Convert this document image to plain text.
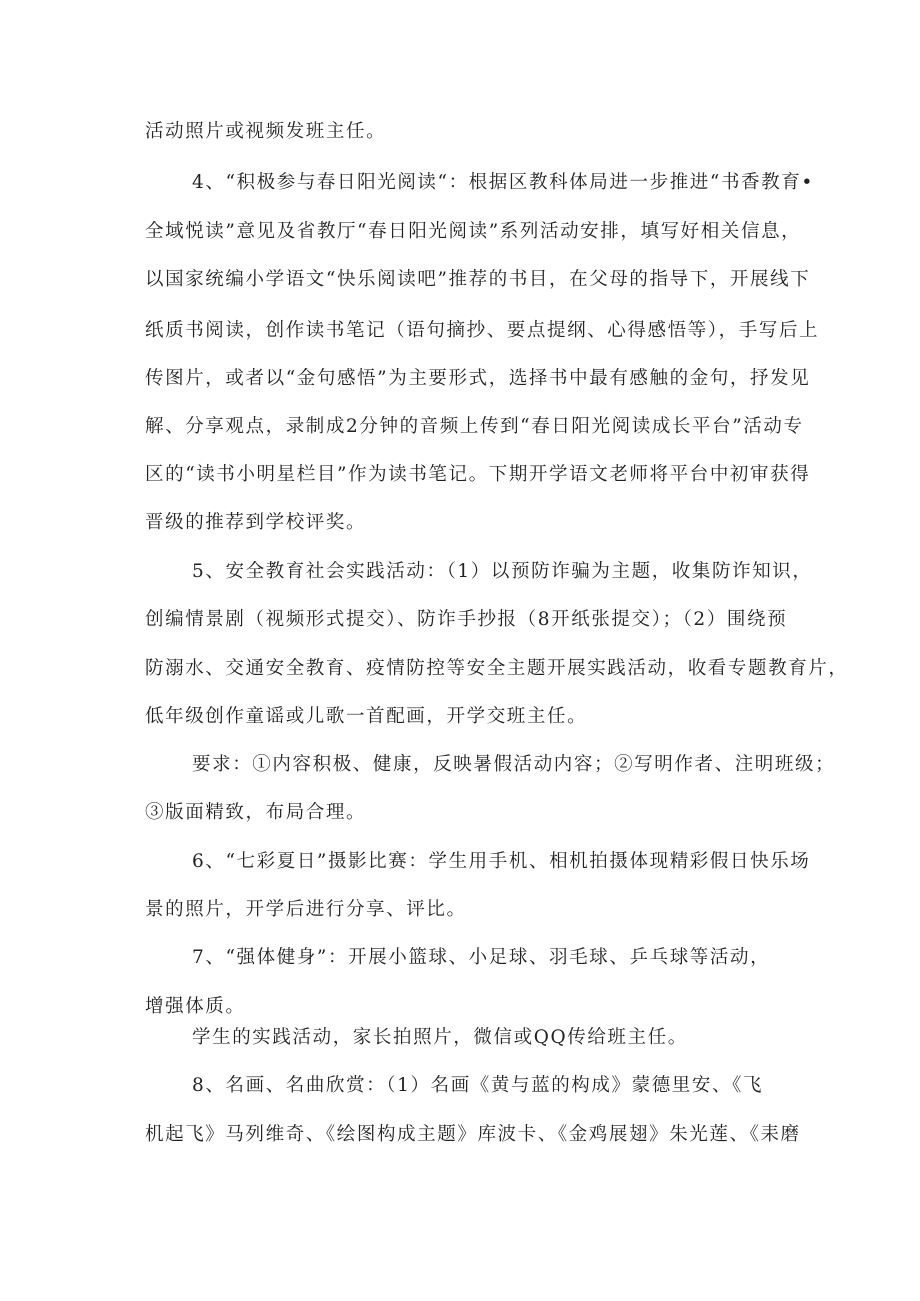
活动照片或视频发班主任。
4、“积极参与春日阳光阅读“：根据区教科体局进一步推进“书香教育•
全域悦读”意见及省教厅“春日阳光阅读”系列活动安排，填写好相关信息，
以国家统编小学语文“快乐阅读吧”推荐的书目，在父母的指导下，开展线下
纸质书阅读，创作读书笔记（语句摘抄、要点提纲、心得感悟等），手写后上
传图片，或者以“金句感悟”为主要形式，选择书中最有感触的金句，抒发见
解、分享观点，录制成2分钟的音频上传到“春日阳光阅读成长平台”活动专
区的“读书小明星栏目”作为读书笔记。下期开学语文老师将平台中初审获得
晋级的推荐到学校评奖。
5、安全教育社会实践活动：（1）以预防诈骗为主题，收集防诈知识，
创编情景剧（视频形式提交）、防诈手抄报（8开纸张提交）；（2）围绕预
防溺水、交通安全教育、疫情防控等安全主题开展实践活动，收看专题教育片，
低年级创作童谣或儿歌一首配画，开学交班主任。
要求：①内容积极、健康，反映暑假活动内容；②写明作者、注明班级；
③版面精致，布局合理。
6、“七彩夏日”摄影比赛：学生用手机、相机拍摄体现精彩假日快乐场
景的照片，开学后进行分享、评比。
7、“强体健身”：开展小篮球、小足球、羽毛球、乒乓球等活动，
增强体质。
学生的实践活动，家长拍照片，微信或QQ传给班主任。
8、名画、名曲欣赏：（1）名画《黄与蓝的构成》蒙德里安、《飞
机起飞》马列维奇、《绘图构成主题》库波卡、《金鸡展翅》朱光莲、《耒磨
